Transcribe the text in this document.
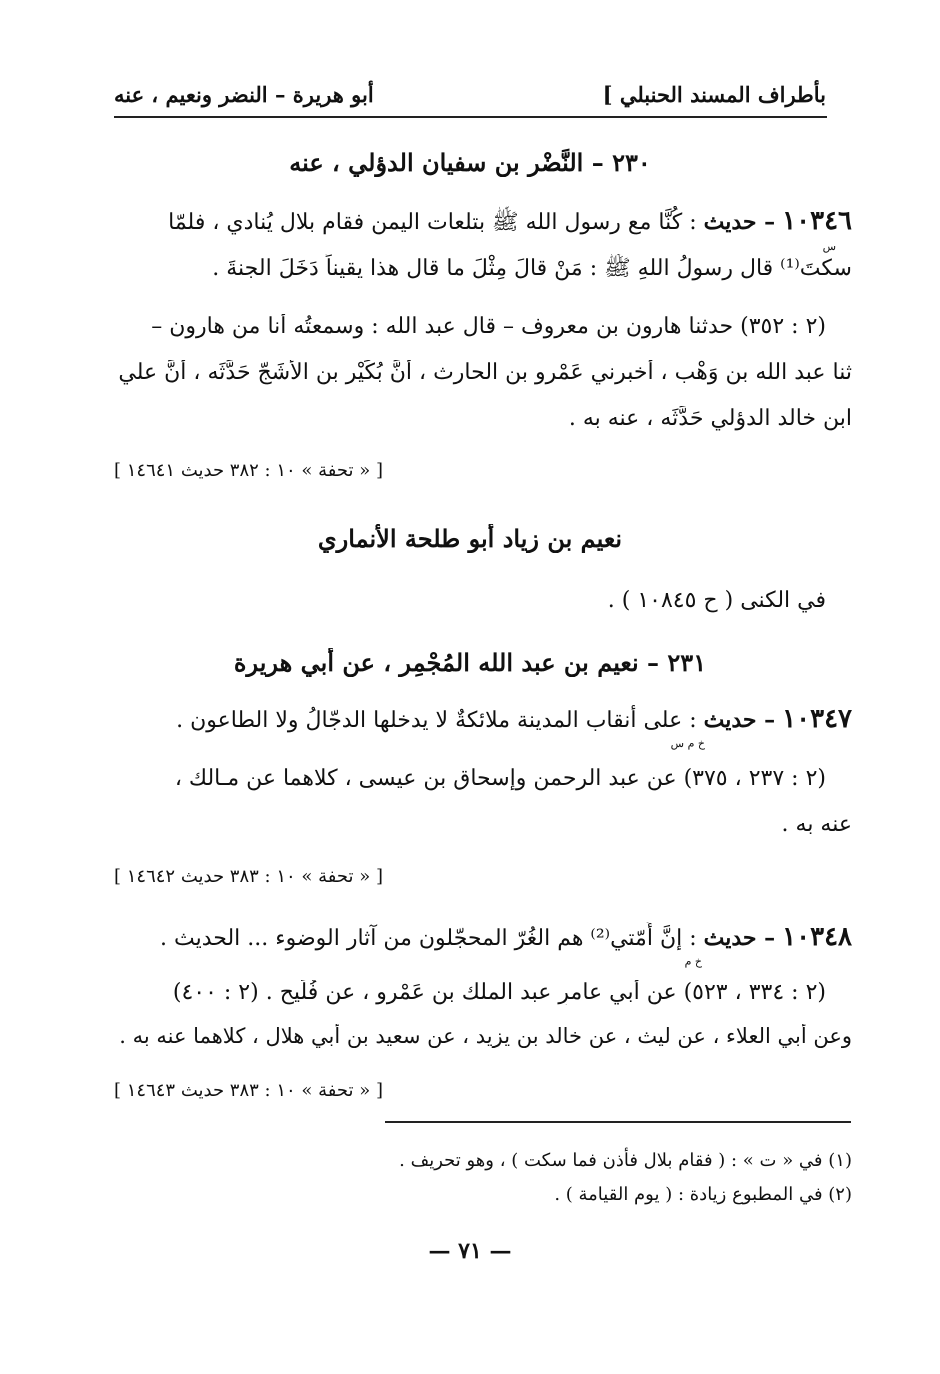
بأطراف المسند الحنبلي ]
أبو هريرة – النضر ونعيم ، عنه
٢٣٠ – النَّضْر بن سفيان الدؤلي ، عنه
١٠٣٤٦ – حديث : كُنَّا مع رسول الله ﷺ بتلعات اليمن فقام بلال يُنادي ، فلمّا
سكتَ⁽¹⁾ قال رسولُ اللهِ ﷺ : مَنْ قالَ مِثْلَ ما قال هذا يقيناً دَخَلَ الجنةَ .
س
(٢ : ٣٥٢) حدثنا هارون بن معروف – قال عبد الله : وسمعتُه أنا من هارون –
ثنا عبد الله بن وَهْب ، أخبرني عَمْرو بن الحارث ، أنَّ بُكَيْر بن الأَشَجّ حَدَّثَه ، أنَّ علي
ابن خالد الدؤلي حَدَّثَه ، عنه به .
[ « تحفة » ١٠ : ٣٨٢ حديث ١٤٦٤١ ]
نعيم بن زياد أبو طلحة الأنماري
في الكنى ( ح ١٠٨٤٥ ) .
٢٣١ – نعيم بن عبد الله المُجْمِر ، عن أبي هريرة
١٠٣٤٧ – حديث : على أنقاب المدينة ملائكةٌ لا يدخلها الدجّالُ ولا الطاعون .
خ م س
(٢ : ٢٣٧ ، ٣٧٥) عن عبد الرحمن وإسحاق بن عيسى ، كلاهما عن مـالك ،
عنه به .
[ « تحفة » ١٠ : ٣٨٣ حديث ١٤٦٤٢ ]
١٠٣٤٨ – حديث : إنَّ أُمّتي⁽²⁾ هم الغُرّ المحجّلون من آثار الوضوء ... الحديث .
خ م
(٢ : ٣٣٤ ، ٥٢٣) عن أبي عامرٍ عبد الملك بن عَمْرو ، عن فُلَيح . (٢ : ٤٠٠)
وعن أبي العلاء ، عن ليث ، عن خالد بن يزيد ، عن سعيد بن أبي هلال ، كلاهما عنه به .
[ « تحفة » ١٠ : ٣٨٣ حديث ١٤٦٤٣ ]
(١) في « ت » : ( فقام بلال فأذن فما سكت ) ، وهو تحريف .
(٢) في المطبوع زيادة : ( يوم القيامة ) .
— ٧١ —
